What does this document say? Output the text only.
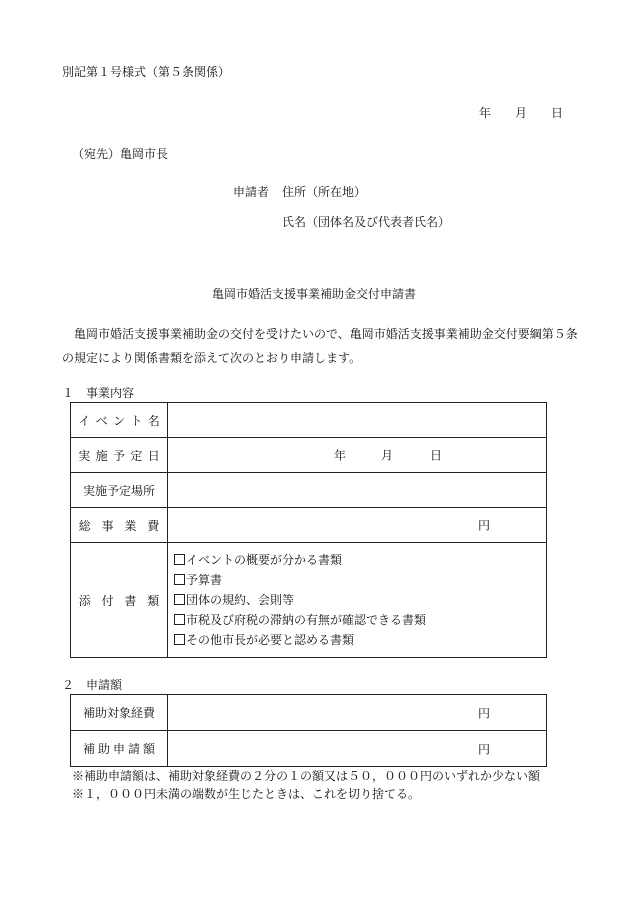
別記第１号様式（第５条関係）
年 月 日
（宛先）亀岡市長
申請者 住所（所在地）
氏名（団体名及び代表者氏名）
亀岡市婚活支援事業補助金交付申請書
亀岡市婚活支援事業補助金の交付を受けたいので、亀岡市婚活支援事業補助金交付要綱第５条の規定により関係書類を添えて次のとおり申請します。
１　事業内容
イベント名	
実施予定日	年 月 日

実施予定場所	
総事業費	円

添付書類	イベントの概要が分かる書類
予算書
団体の規約、会則等
市税及び府税の滞納の有無が確認できる書類
その他市長が必要と認める書類
２　申請額
補助対象経費	円

補助申請額	円
※補助申請額は、補助対象経費の２分の１の額又は５０，０００円のいずれか少ない額
※１，０００円未満の端数が生じたときは、これを切り捨てる。
